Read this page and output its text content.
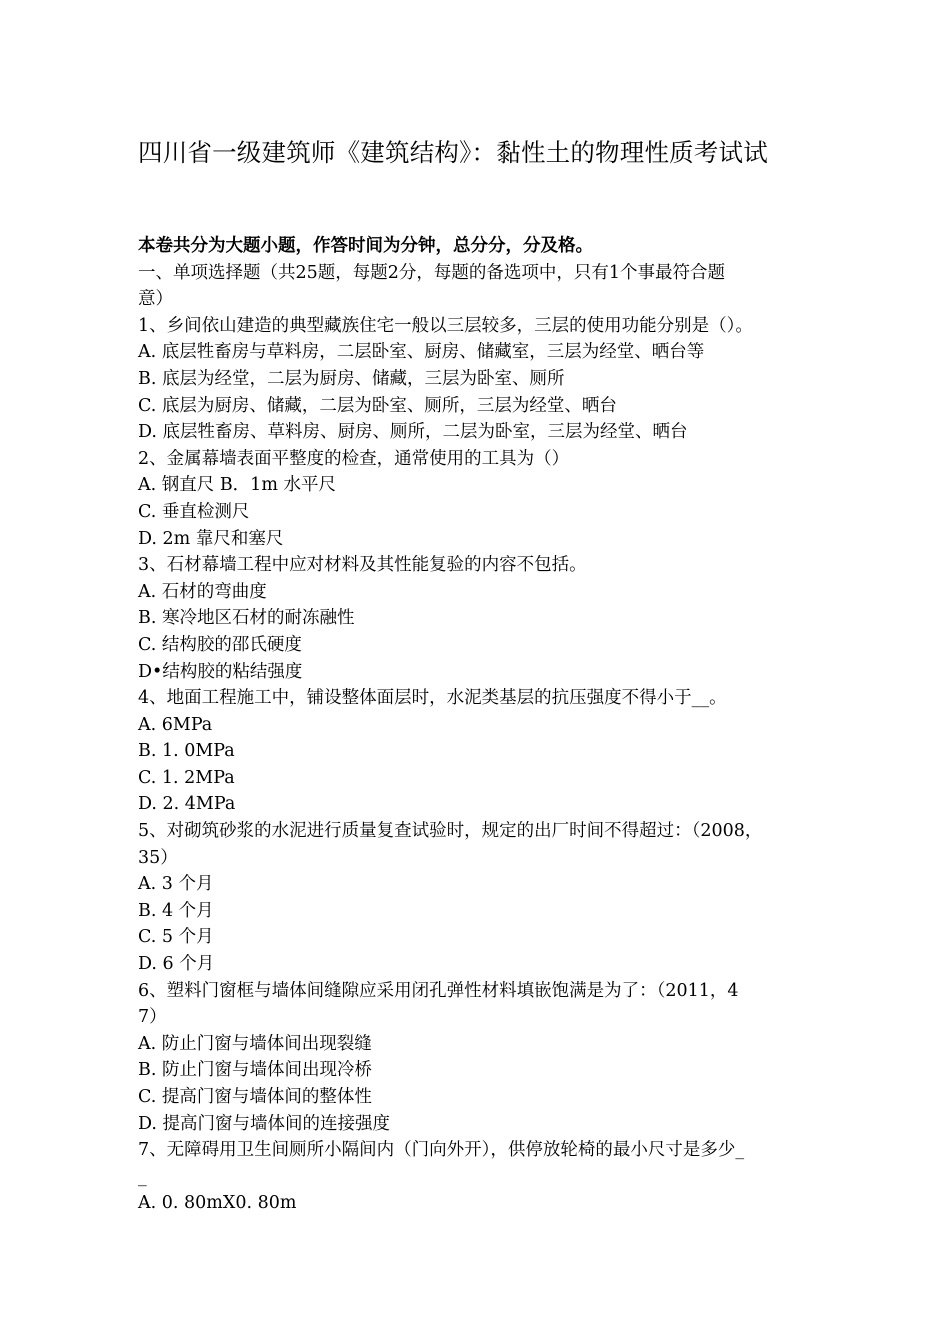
四川省一级建筑师《建筑结构》：黏性土的物理性质考试试
本卷共分为大题小题，作答时间为分钟，总分分，分及格。
一、单项选择题（共25题，每题2分，每题的备选项中，只有1个事最符合题
意）
1、乡间依山建造的典型藏族住宅一般以三层较多，三层的使用功能分别是（）。
A. 底层牲畜房与草料房，二层卧室、厨房、储藏室，三层为经堂、晒台等
B. 底层为经堂，二层为厨房、储藏，三层为卧室、厕所
C. 底层为厨房、储藏，二层为卧室、厕所，三层为经堂、晒台
D. 底层牲畜房、草料房、厨房、厕所，二层为卧室，三层为经堂、晒台
2、金属幕墙表面平整度的检查，通常使用的工具为（）
A. 钢直尺 B．1m 水平尺
C. 垂直检测尺
D. 2m 靠尺和塞尺
3、石材幕墙工程中应对材料及其性能复验的内容不包括。
A. 石材的弯曲度
B. 寒冷地区石材的耐冻融性
C. 结构胶的邵氏硬度
D•结构胶的粘结强度
4、地面工程施工中，铺设整体面层时，水泥类基层的抗压强度不得小于__。
A. 6MPa
B. 1. 0MPa
C. 1. 2MPa
D. 2. 4MPa
5、对砌筑砂浆的水泥进行质量复查试验时，规定的出厂时间不得超过：（2008，
35）
A. 3 个月
B. 4 个月
C. 5 个月
D. 6 个月
6、塑料门窗框与墙体间缝隙应采用闭孔弹性材料填嵌饱满是为了：（2011，4
7）
A. 防止门窗与墙体间出现裂缝
B. 防止门窗与墙体间出现冷桥
C. 提高门窗与墙体间的整体性
D. 提高门窗与墙体间的连接强度
7、无障碍用卫生间厕所小隔间内（门向外开），供停放轮椅的最小尺寸是多少_
_
A. 0. 80mⅩ0. 80m
